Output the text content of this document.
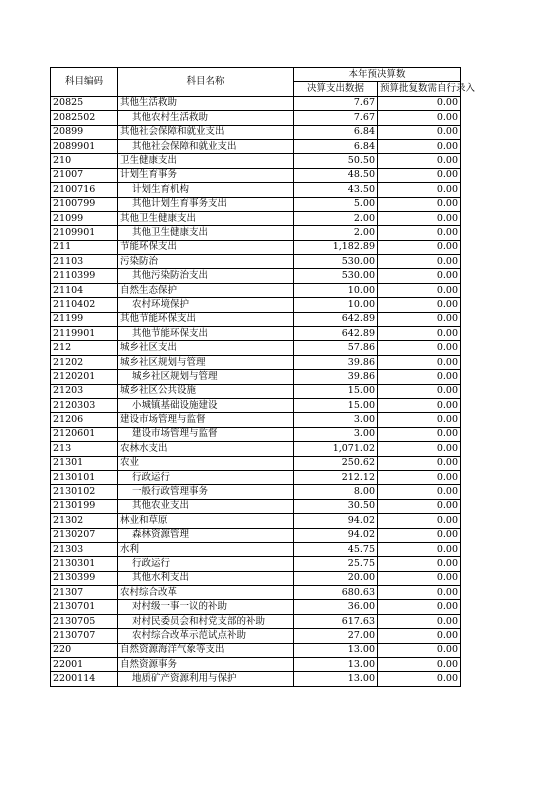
科目编码	科目名称	本年预决算数	
		决算支出数据	预算批复数需自行录入
20825	其他生活救助	7.67	0.00
2082502	其他农村生活救助	7.67	0.00
20899	其他社会保障和就业支出	6.84	0.00
2089901	其他社会保障和就业支出	6.84	0.00
210	卫生健康支出	50.50	0.00
21007	计划生育事务	48.50	0.00
2100716	计划生育机构	43.50	0.00
2100799	其他计划生育事务支出	5.00	0.00
21099	其他卫生健康支出	2.00	0.00
2109901	其他卫生健康支出	2.00	0.00
211	节能环保支出	1,182.89	0.00
21103	污染防治	530.00	0.00
2110399	其他污染防治支出	530.00	0.00
21104	自然生态保护	10.00	0.00
2110402	农村环境保护	10.00	0.00
21199	其他节能环保支出	642.89	0.00
2119901	其他节能环保支出	642.89	0.00
212	城乡社区支出	57.86	0.00
21202	城乡社区规划与管理	39.86	0.00
2120201	城乡社区规划与管理	39.86	0.00
21203	城乡社区公共设施	15.00	0.00
2120303	小城镇基础设施建设	15.00	0.00
21206	建设市场管理与监督	3.00	0.00
2120601	建设市场管理与监督	3.00	0.00
213	农林水支出	1,071.02	0.00
21301	农业	250.62	0.00
2130101	行政运行	212.12	0.00
2130102	一般行政管理事务	8.00	0.00
2130199	其他农业支出	30.50	0.00
21302	林业和草原	94.02	0.00
2130207	森林资源管理	94.02	0.00
21303	水利	45.75	0.00
2130301	行政运行	25.75	0.00
2130399	其他水利支出	20.00	0.00
21307	农村综合改革	680.63	0.00
2130701	对村级一事一议的补助	36.00	0.00
2130705	对村民委员会和村党支部的补助	617.63	0.00
2130707	农村综合改革示范试点补助	27.00	0.00
220	自然资源海洋气象等支出	13.00	0.00
22001	自然资源事务	13.00	0.00
2200114	地质矿产资源利用与保护	13.00	0.00
